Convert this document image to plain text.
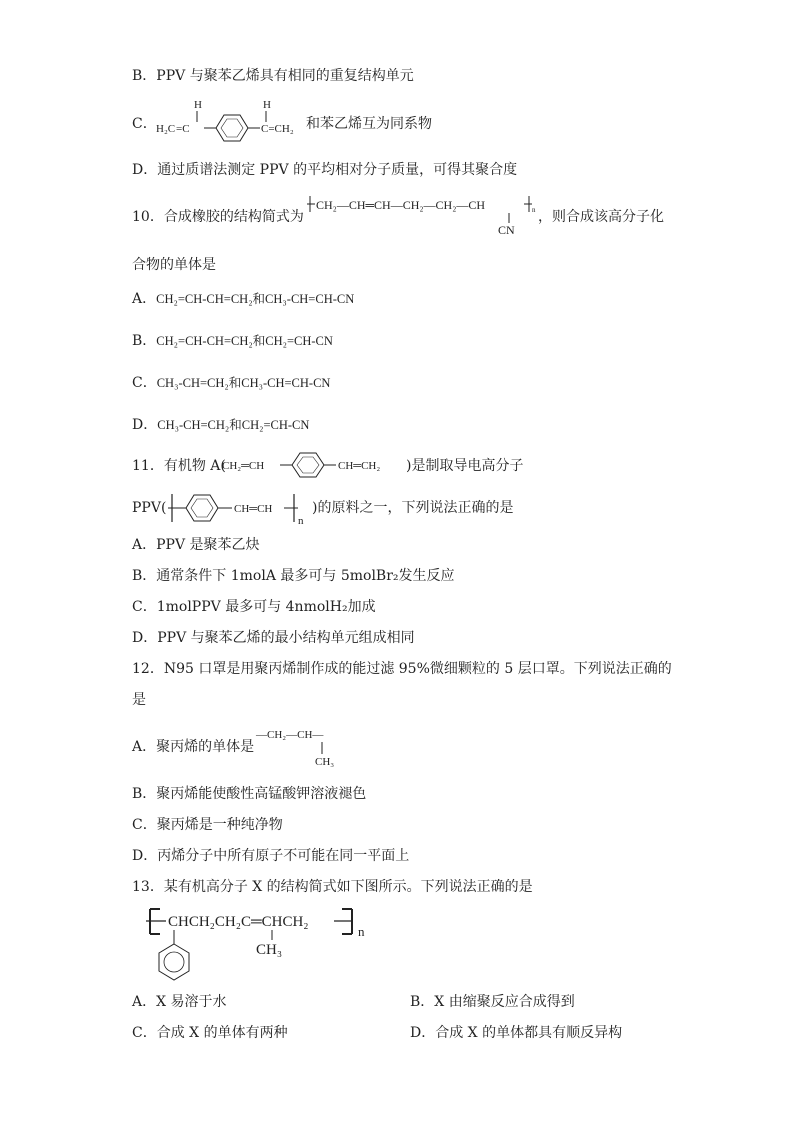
B．PPV 与聚苯乙烯具有相同的重复结构单元
C．
H
H₂C =C
H
C=CH₂ 和苯乙烯互为同系物
D．通过质谱法测定 PPV 的平均相对分子质量，可得其聚合度
10．合成橡胶的结构简式为
CH₂—CH═CH—CH₂—CH₂—CH
CN
n ，则合成该高分子化
合物的单体是
A．CH₂=CH-CH=CH₂和CH₃-CH=CH-CN
B．CH₂=CH-CH=CH₂和CH₂=CH-CN
C．CH₃-CH=CH₂和CH₃-CH=CH-CN
D．CH₃-CH=CH₂和CH₂=CH-CN
11．有机物 A(
CH₂═CH	CH═CH₂ )是制取导电高分子
PPV(	CH═CH
n
)的原料之一，下列说法正确的是
A．PPV 是聚苯乙炔
B．通常条件下 1molA 最多可与 5molBr₂发生反应
C．1molPPV 最多可与 4nmolH₂加成
D．PPV 与聚苯乙烯的最小结构单元组成相同
12．N95 口罩是用聚丙烯制作成的能过滤 95%微细颗粒的 5 层口罩。下列说法正确的
是
A．聚丙烯的单体是
—CH₂—CH—
CH₃
B．聚丙烯能使酸性高锰酸钾溶液褪色
C．聚丙烯是一种纯净物
D．丙烯分子中所有原子不可能在同一平面上
13．某有机高分子 X 的结构简式如下图所示。下列说法正确的是
CHCH₂CH₂C═CHCH₂
CH₃
n
A．X 易溶于水	B．X 由缩聚反应合成得到
C．合成 X 的单体有两种	D．合成 X 的单体都具有顺反异构
